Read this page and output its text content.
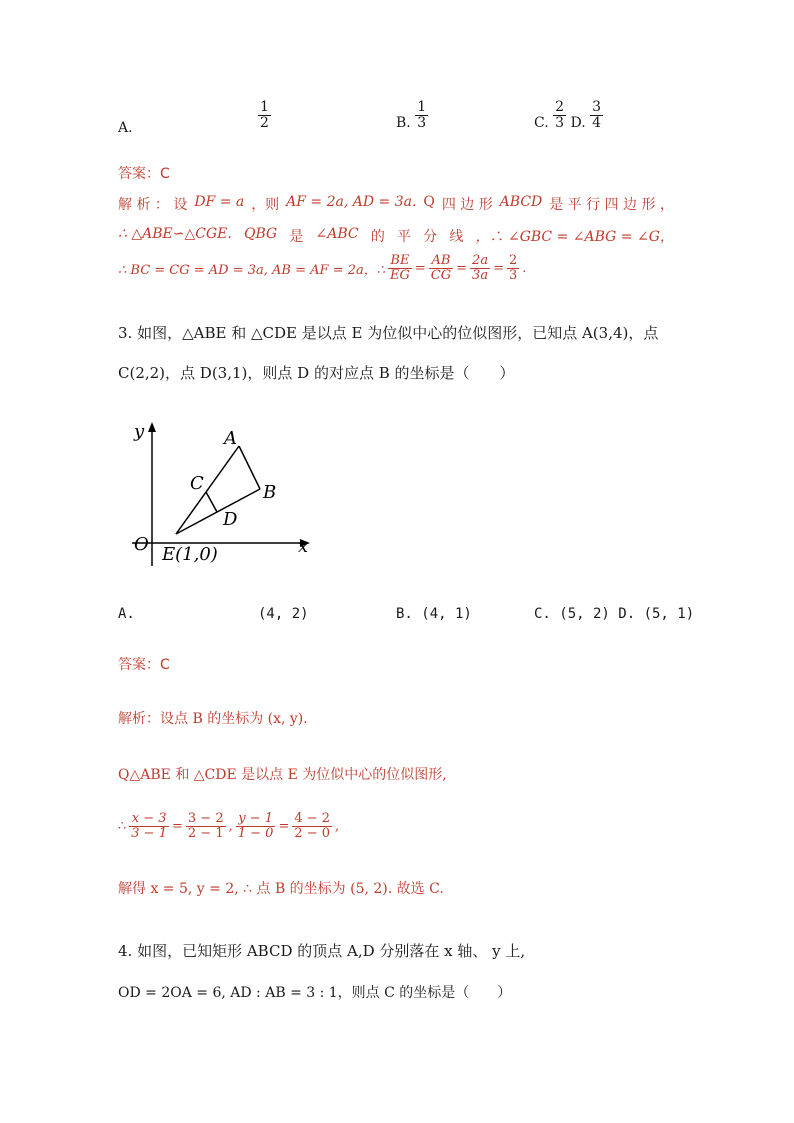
A.	$\frac{1}{2}$	B. $\frac{1}{3}$	C. $\frac{2}{3} D$. $\frac{3}{4}$
答案：C
解 析 ： 设 DF = a ，则 AF = 2a, AD = 3a. Q 四 边 形 ABCD 是 平 行 四 边 形 ，
∴ △ABE∽△CGE. QBG 是 ∠ABC 的 平 分 线 ，∴ ∠GBC = ∠ABG = ∠G，
∴ BC = CG = AD = 3a, AB = AF = 2a，∴ $\frac{BE}{EG} = \frac{AB}{CG} = \frac{2a}{3a} = \frac{2}{3}$ .
3. 如图，△ABE 和 △CDE 是以点 E 为位似中心的位似图形，已知点 A(3,4)，点
C(2,2)，点 D(3,1)，则点 D 的对应点 B 的坐标是（　　）
y
x
O E(1,0)
A
B
C
D
A.	(4, 2)	B. (4, 1)	C. (5, 2) D. (5, 1)
答案：C
解析：设点 B 的坐标为 (x, y).
Q△ABE 和 △CDE 是以点 E 为位似中心的位似图形,
∴ $\frac{x - 3}{3 - 1} = \frac{3 - 2}{2 - 1}$ , $\frac{y - 1}{1 - 0} = \frac{4 - 2}{2 - 0}$ ,
解得 x = 5, y = 2, ∴ 点 B 的坐标为 (5, 2). 故选 C.
4. 如图，已知矩形 ABCD 的顶点 A,D 分别落在 x 轴、 y 上,
OD = 2OA = 6, AD : AB = 3 : 1，则点 C 的坐标是（　　）
